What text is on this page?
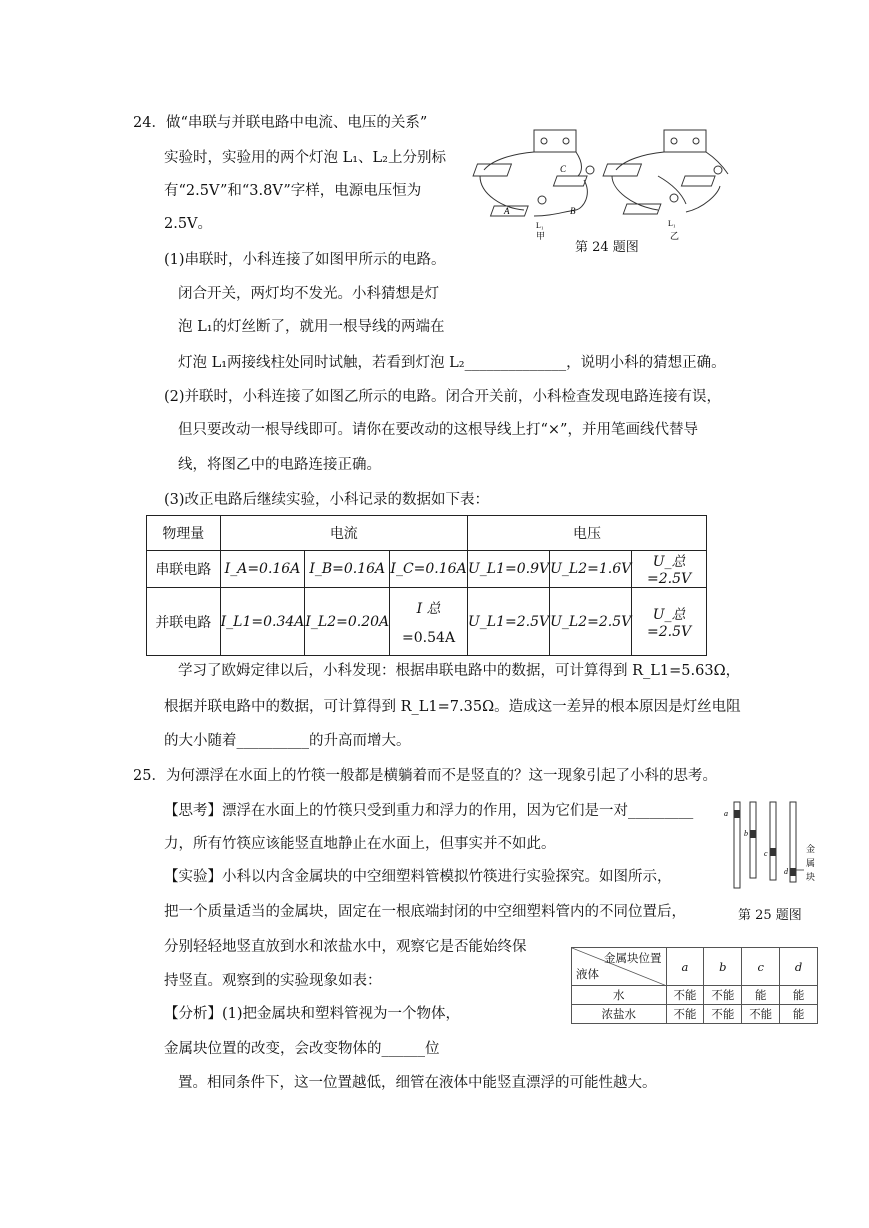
24．做“串联与并联电路中电流、电压的关系”
实验时，实验用的两个灯泡 L₁、L₂上分别标
有“2.5V”和“3.8V”字样，电源电压恒为
2.5V。
(1)串联时，小科连接了如图甲所示的电路。
闭合开关，两灯均不发光。小科猜想是灯
泡 L₁的灯丝断了，就用一根导线的两端在
灯泡 L₁两接线柱处同时试触，若看到灯泡 L₂______________，说明小科的猜想正确。
(2)并联时，小科连接了如图乙所示的电路。闭合开关前，小科检查发现电路连接有误，
但只要改动一根导线即可。请你在要改动的这根导线上打“×”，并用笔画线代替导
线，将图乙中的电路连接正确。
(3)改正电路后继续实验，小科记录的数据如下表：
A	B
C
L₁	L₁
甲	乙
第 24 题图
物理量	电流			电压		
串联电路	I_A=0.16A	I_B=0.16A	I_C=0.16A	U_L1=0.9V	U_L2=1.6V	U_总=2.5V
并联电路	I_L1=0.34A	I_L2=0.20A	I 总
=0.54A	U_L1=2.5V	U_L2=2.5V	U_总=2.5V
学习了欧姆定律以后，小科发现：根据串联电路中的数据，可计算得到 R_L1=5.63Ω，
根据并联电路中的数据，可计算得到 R_L1=7.35Ω。造成这一差异的根本原因是灯丝电阻
的大小随着__________的升高而增大。
25．为何漂浮在水面上的竹筷一般都是横躺着而不是竖直的？这一现象引起了小科的思考。
【思考】漂浮在水面上的竹筷只受到重力和浮力的作用，因为它们是一对_________
力，所有竹筷应该能竖直地静止在水面上，但事实并不如此。
【实验】小科以内含金属块的中空细塑料管模拟竹筷进行实验探究。如图所示，
把一个质量适当的金属块，固定在一根底端封闭的中空细塑料管内的不同位置后，
分别轻轻地竖直放到水和浓盐水中，观察它是否能始终保
持竖直。观察到的实验现象如表：
【分析】(1)把金属块和塑料管视为一个物体，
金属块位置的改变，会改变物体的______位
置。相同条件下，这一位置越低，细管在液体中能竖直漂浮的可能性越大。
a
b
c
d
金
属
块
第 25 题图
金属块位置
液体	a	b	c	d
水	不能	不能	能	能
浓盐水	不能	不能	不能	能
